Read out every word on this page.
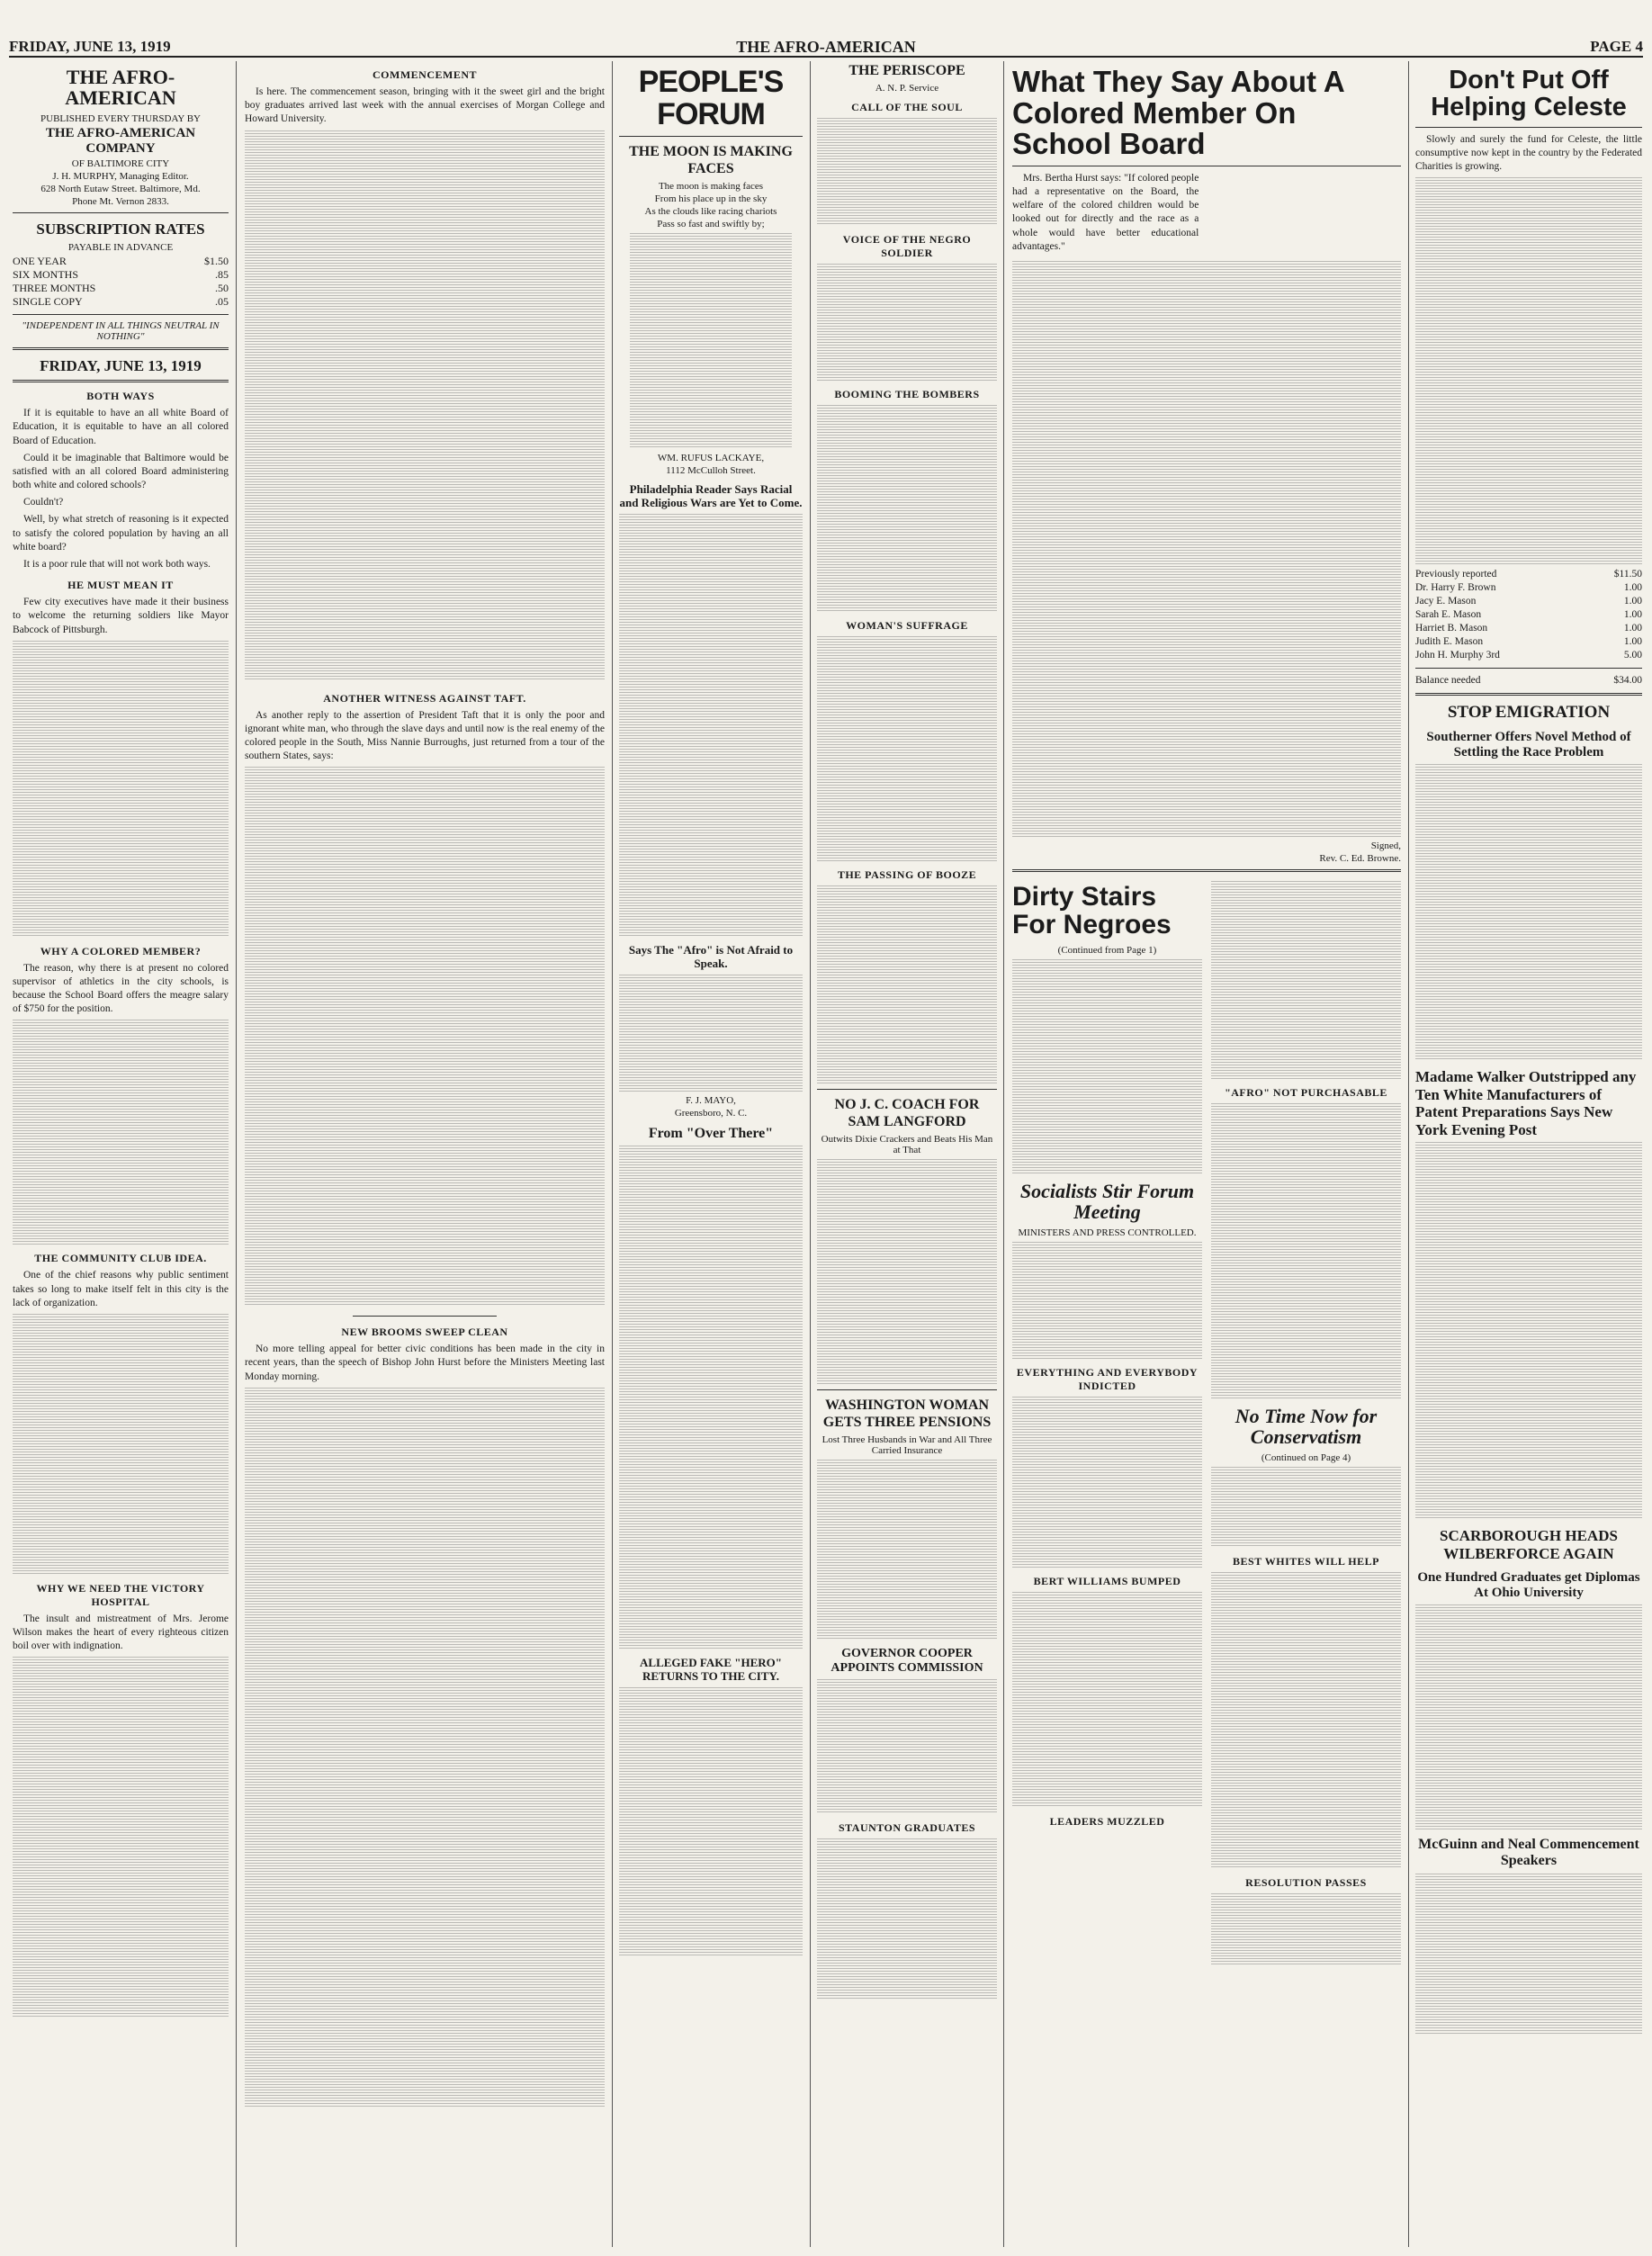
FRIDAY, JUNE 13, 1919	THE AFRO-AMERICAN	PAGE 4
THE AFRO-AMERICAN
PUBLISHED EVERY THURSDAY BY
THE AFRO-AMERICAN COMPANY
OF BALTIMORE CITY
J. H. MURPHY, Managing Editor.
628 North Eutaw Street. Baltimore, Md.
Phone Mt. Vernon 2833.
SUBSCRIPTION RATES
PAYABLE IN ADVANCE
ONE YEAR	$1.50
SIX MONTHS	.85
THREE MONTHS	.50
SINGLE COPY	.05
"INDEPENDENT IN ALL THINGS NEUTRAL IN NOTHING"
FRIDAY, JUNE 13, 1919
BOTH WAYS

If it is equitable to have an all white Board of Education, it is equitable to have an all colored Board of Education.

Could it be imaginable that Baltimore would be satisfied with an all colored Board administering both white and colored schools?

Couldn't?

Well, by what stretch of reasoning is it expected to satisfy the colored population by having an all white board?

It is a poor rule that will not work both ways.

HE MUST MEAN IT

Few city executives have made it their business to welcome the returning soldiers like Mayor Babcock of Pittsburgh.

WHY A COLORED MEMBER?

The reason, why there is at present no colored supervisor of athletics in the city schools, is because the School Board offers the meagre salary of $750 for the position.

THE COMMUNITY CLUB IDEA.

One of the chief reasons why public sentiment takes so long to make itself felt in this city is the lack of organization.

WHY WE NEED THE VICTORY HOSPITAL

The insult and mistreatment of Mrs. Jerome Wilson makes the heart of every righteous citizen boil over with indignation.

COMMENCEMENT

Is here. The commencement season, bringing with it the sweet girl and the bright boy graduates arrived last week with the annual exercises of Morgan College and Howard University.

ANOTHER WITNESS AGAINST TAFT.

As another reply to the assertion of President Taft that it is only the poor and ignorant white man, who through the slave days and until now is the real enemy of the colored people in the South, Miss Nannie Burroughs, just returned from a tour of the southern States, says:

NEW BROOMS SWEEP CLEAN

No more telling appeal for better civic conditions has been made in the city in recent years, than the speech of Bishop John Hurst before the Ministers Meeting last Monday morning.

PEOPLE'S FORUM
THE MOON IS MAKING FACES
The moon is making faces
From his place up in the sky
As the clouds like racing chariots
Pass so fast and swiftly by;
WM. RUFUS LACKAYE,
1112 McCulloh Street.
Philadelphia Reader Says Racial and Religious Wars are Yet to Come.
Says The "Afro" is Not Afraid to Speak.
F. J. MAYO,
Greensboro, N. C.
From "Over There"
ALLEGED FAKE "HERO" RETURNS TO THE CITY.
THE PERISCOPE
A. N. P. Service
CALL OF THE SOUL
VOICE OF THE NEGRO SOLDIER
BOOMING THE BOMBERS
WOMAN'S SUFFRAGE
THE PASSING OF BOOZE
NO J. C. COACH FOR SAM LANGFORD
Outwits Dixie Crackers and Beats His Man at That
WASHINGTON WOMAN GETS THREE PENSIONS
Lost Three Husbands in War and All Three Carried Insurance
GOVERNOR COOPER APPOINTS COMMISSION
STAUNTON GRADUATES
What They Say About A Colored Member On School Board

Mrs. Bertha Hurst says: "If colored people had a representative on the Board, the welfare of the colored children would be looked out for directly and the race as a whole would have better educational advantages."

Signed,
Rev. C. Ed. Browne.
Dirty Stairs For Negroes
(Continued from Page 1)
Socialists Stir Forum Meeting
MINISTERS AND PRESS CONTROLLED.
EVERYTHING AND EVERYBODY INDICTED
BERT WILLIAMS BUMPED
LEADERS MUZZLED
"AFRO" NOT PURCHASABLE
No Time Now for Conservatism
(Continued on Page 4)
BEST WHITES WILL HELP
RESOLUTION PASSES
Don't Put Off Helping Celeste

Slowly and surely the fund for Celeste, the little consumptive now kept in the country by the Federated Charities is growing.

Previously reported	$11.50
Dr. Harry F. Brown	1.00
Jacy E. Mason	1.00
Sarah E. Mason	1.00
Harriet B. Mason	1.00
Judith E. Mason	1.00
John H. Murphy 3rd	5.00
Balance needed	$34.00
STOP EMIGRATION
Southerner Offers Novel Method of Settling the Race Problem
Madame Walker Outstripped any Ten White Manufacturers of Patent Preparations Says New York Evening Post
SCARBOROUGH HEADS WILBERFORCE AGAIN
One Hundred Graduates get Diplomas At Ohio University
McGuinn and Neal Commencement Speakers
